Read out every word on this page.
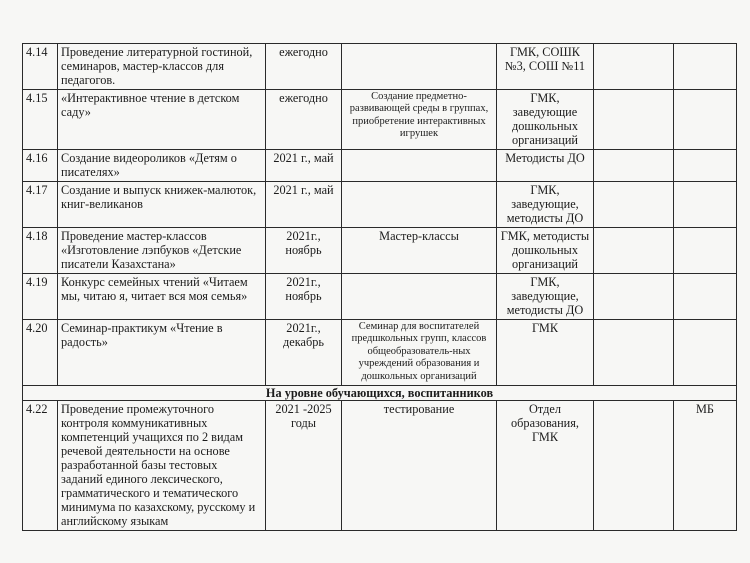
4.14	Проведение литературной гостиной, семинаров, мастер-классов для педагогов.	ежегодно		ГМК, СОШК №3, СОШ №11		
4.15	«Интерактивное чтение в детском саду»	ежегодно	Создание предметно-развивающей среды в группах, приобретение интерактивных игрушек	ГМК, заведующие дошкольных организаций		
4.16	Создание видеороликов «Детям о писателях»	2021 г., май		Методисты ДО		
4.17	Создание и выпуск книжек-малюток, книг-великанов	2021 г., май		ГМК, заведующие, методисты ДО		
4.18	Проведение мастер-классов «Изготовление лэпбуков «Детские писатели Казахстана»	2021г., ноябрь	Мастер-классы	ГМК, методисты дошкольных организаций		
4.19	Конкурс семейных чтений «Читаем мы, читаю я, читает вся моя семья»	2021г., ноябрь		ГМК, заведующие, методисты ДО		
4.20	Семинар-практикум «Чтение в радость»	2021г., декабрь	Семинар для воспитателей предшкольных групп, классов общеобразователь-ных учреждений образования и дошкольных организаций	ГМК		
На уровне обучающихся, воспитанников						
4.22	Проведение промежуточного контроля коммуникативных компетенций учащихся по 2 видам речевой деятельности на основе разработанной базы тестовых заданий единого лексического, грамматического и тематического минимума по казахскому, русскому и английскому языкам	2021 -2025 годы	тестирование	Отдел образования, ГМК		МБ
